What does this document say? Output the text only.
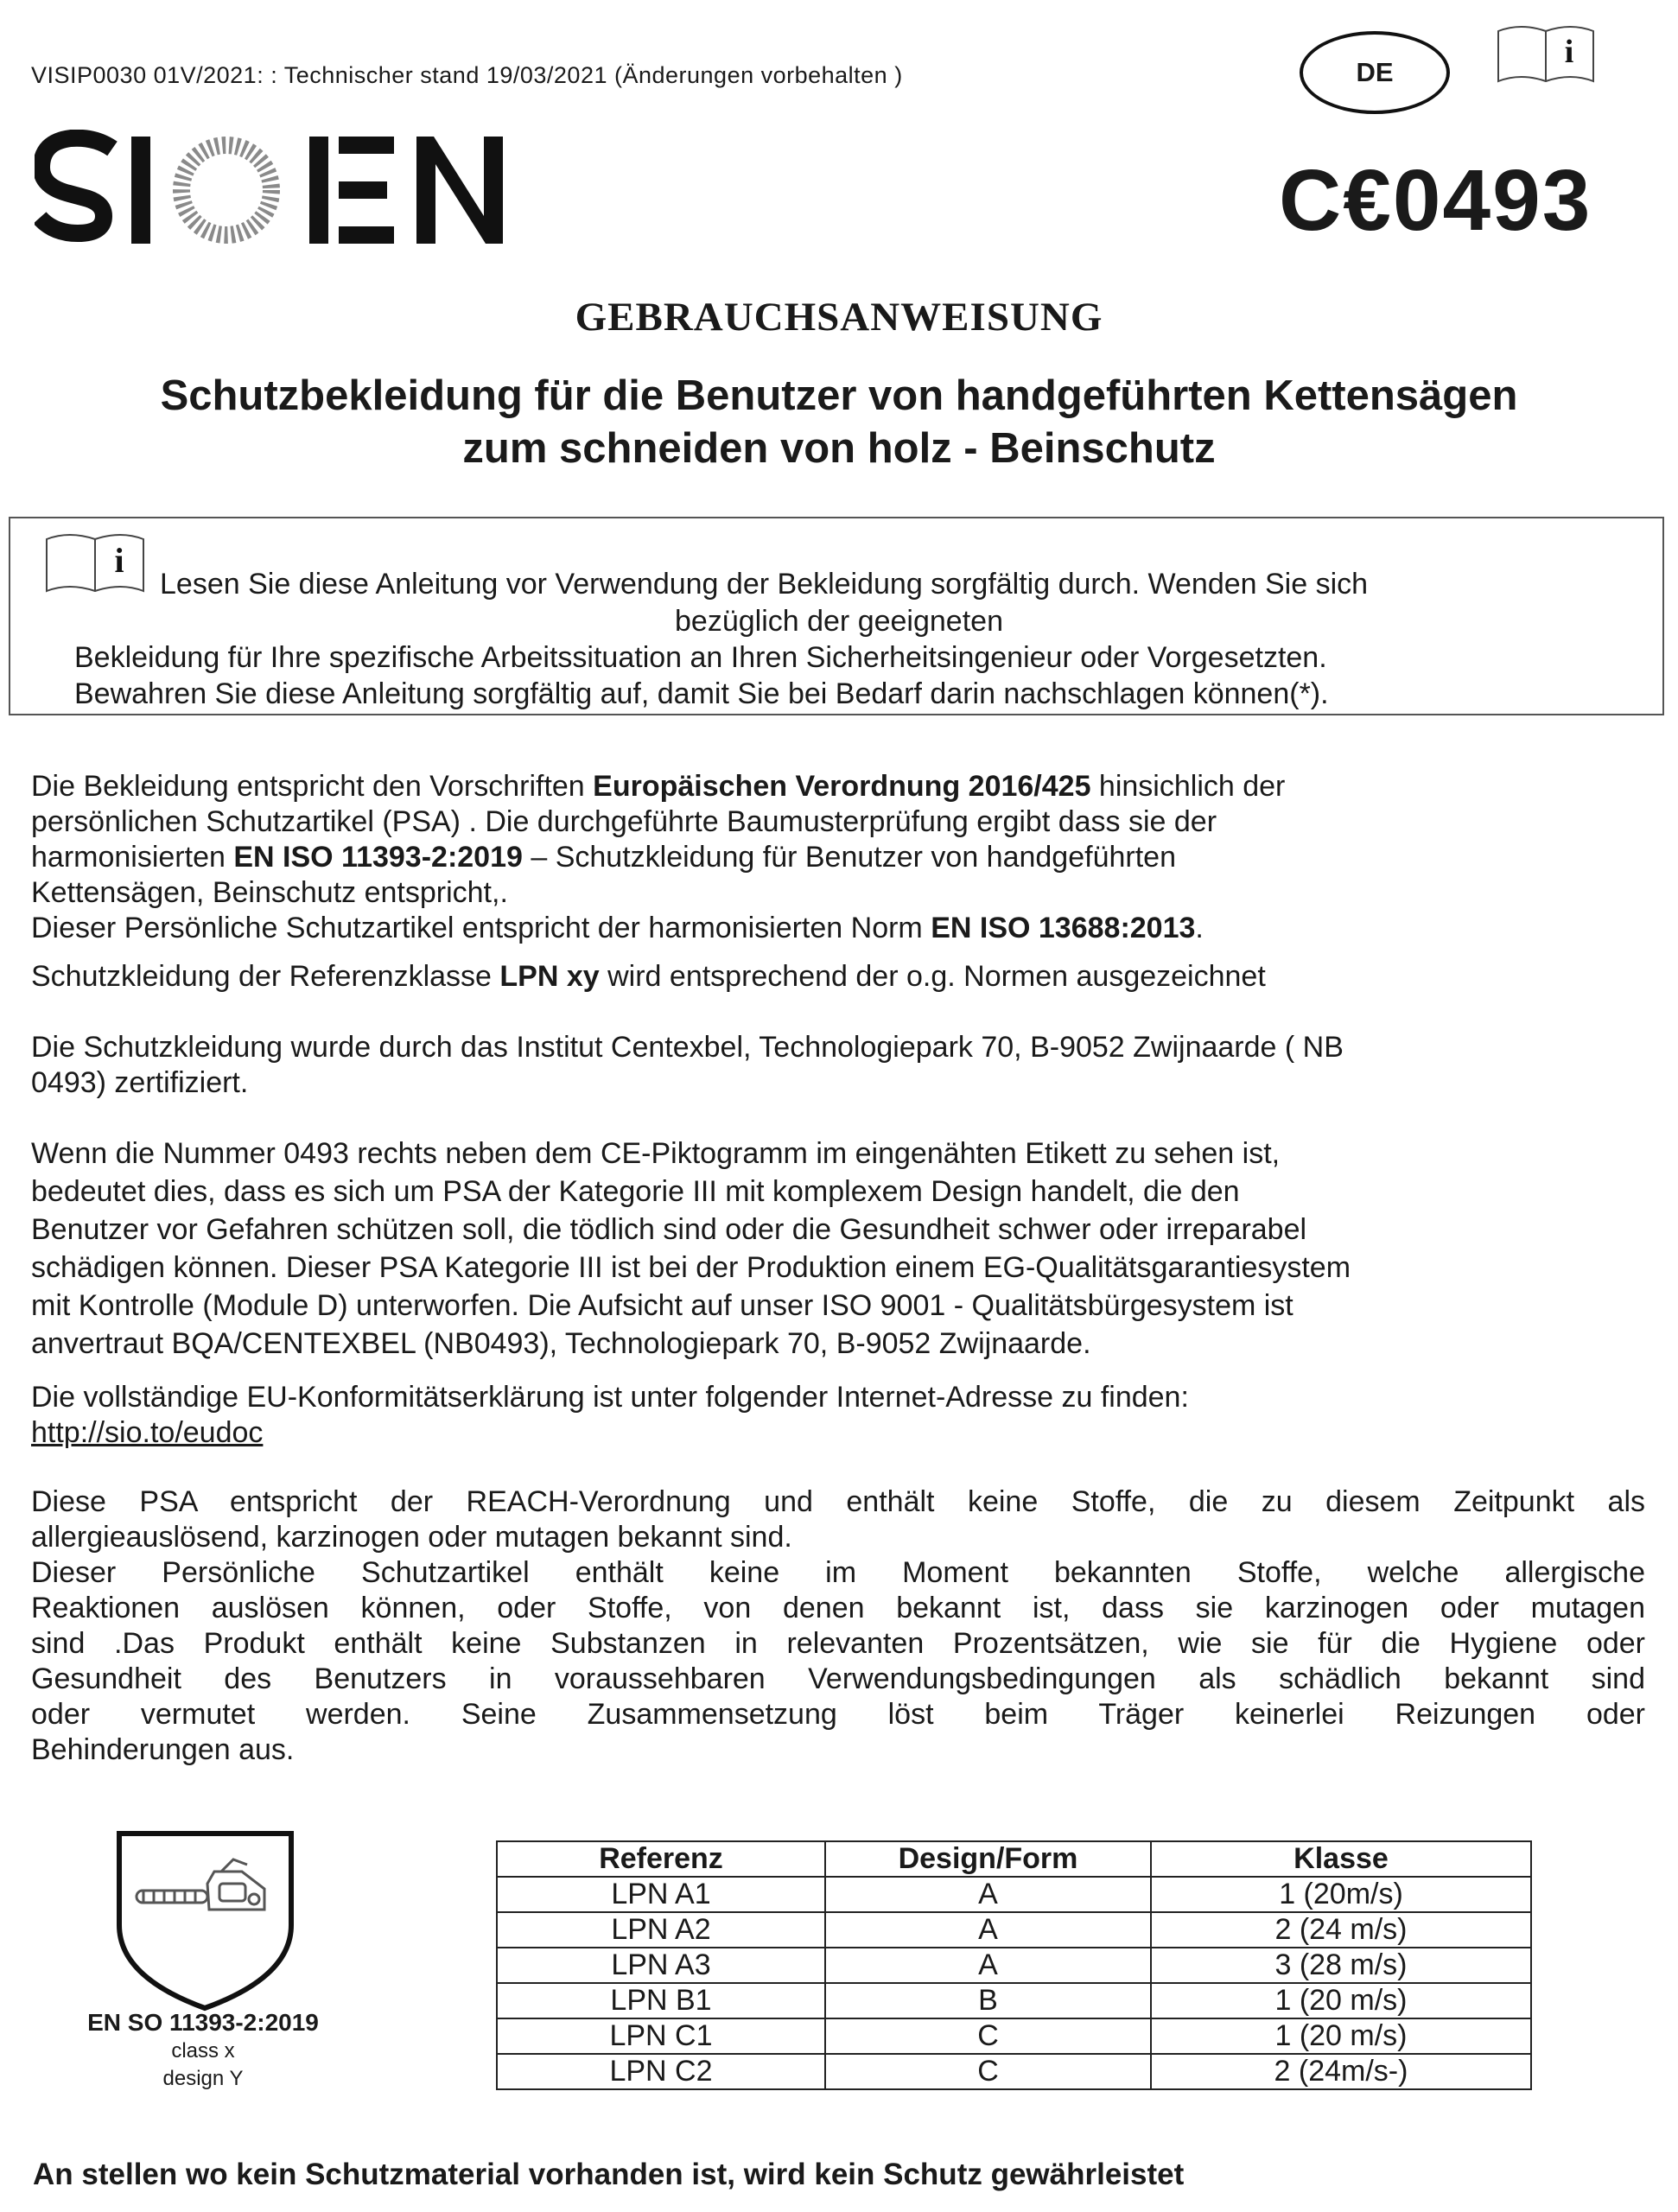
VISIP0030 01V/2021: : Technischer stand 19/03/2021 (Änderungen vorbehalten )	DE
i
C€0493
GEBRAUCHSANWEISUNG
Schutzbekleidung für die Benutzer von handgeführten Kettensägen
zum schneiden von holz - Beinschutz
i
Lesen Sie diese Anleitung vor Verwendung der Bekleidung sorgfältig durch. Wenden Sie sich
bezüglich der geeigneten
Bekleidung für Ihre spezifische Arbeitssituation an Ihren Sicherheitsingenieur oder Vorgesetzten.
Bewahren Sie diese Anleitung sorgfältig auf, damit Sie bei Bedarf darin nachschlagen können(*).
Die Bekleidung entspricht den Vorschriften Europäischen Verordnung 2016/425 hinsichlich der
persönlichen Schutzartikel (PSA) . Die durchgeführte Baumusterprüfung ergibt dass sie der
harmonisierten EN ISO 11393-2:2019 – Schutzkleidung für Benutzer von handgeführten
Kettensägen, Beinschutz entspricht,.
Dieser Persönliche Schutzartikel entspricht der harmonisierten Norm EN ISO 13688:2013.
Schutzkleidung der Referenzklasse LPN xy wird entsprechend der o.g. Normen ausgezeichnet
Die Schutzkleidung wurde durch das Institut Centexbel, Technologiepark 70, B-9052 Zwijnaarde ( NB
0493) zertifiziert.
Wenn die Nummer 0493 rechts neben dem CE-Piktogramm im eingenähten Etikett zu sehen ist,
bedeutet dies, dass es sich um PSA der Kategorie III mit komplexem Design handelt, die den
Benutzer vor Gefahren schützen soll, die tödlich sind oder die Gesundheit schwer oder irreparabel
schädigen können. Dieser PSA Kategorie III ist bei der Produktion einem EG-Qualitätsgarantiesystem
mit Kontrolle (Module D) unterworfen. Die Aufsicht auf unser ISO 9001 - Qualitätsbürgesystem ist
anvertraut BQA/CENTEXBEL (NB0493), Technologiepark 70, B-9052 Zwijnaarde.
Die vollständige EU-Konformitätserklärung ist unter folgender Internet-Adresse zu finden:
http://sio.to/eudoc
Diese PSA entspricht der REACH-Verordnung und enthält keine Stoffe, die zu diesem Zeitpunkt als
allergieauslösend, karzinogen oder mutagen bekannt sind.
Dieser Persönliche Schutzartikel enthält keine im Moment bekannten Stoffe, welche allergische
Reaktionen auslösen können, oder Stoffe, von denen bekannt ist, dass sie karzinogen oder mutagen
sind .Das Produkt enthält keine Substanzen in relevanten Prozentsätzen, wie sie für die Hygiene oder
Gesundheit des Benutzers in voraussehbaren Verwendungsbedingungen als schädlich bekannt sind
oder vermutet werden. Seine Zusammensetzung löst beim Träger keinerlei Reizungen oder
Behinderungen aus.
EN SO 11393-2:2019
class x
design Y
Referenz	Design/Form	Klasse
LPN A1	A	1 (20m/s)
LPN A2	A	2 (24 m/s)
LPN A3	A	3 (28 m/s)
LPN B1	B	1 (20 m/s)
LPN C1	C	1 (20 m/s)
LPN C2	C	2 (24m/s-)
An stellen wo kein Schutzmaterial vorhanden ist, wird kein Schutz gewährleistet
